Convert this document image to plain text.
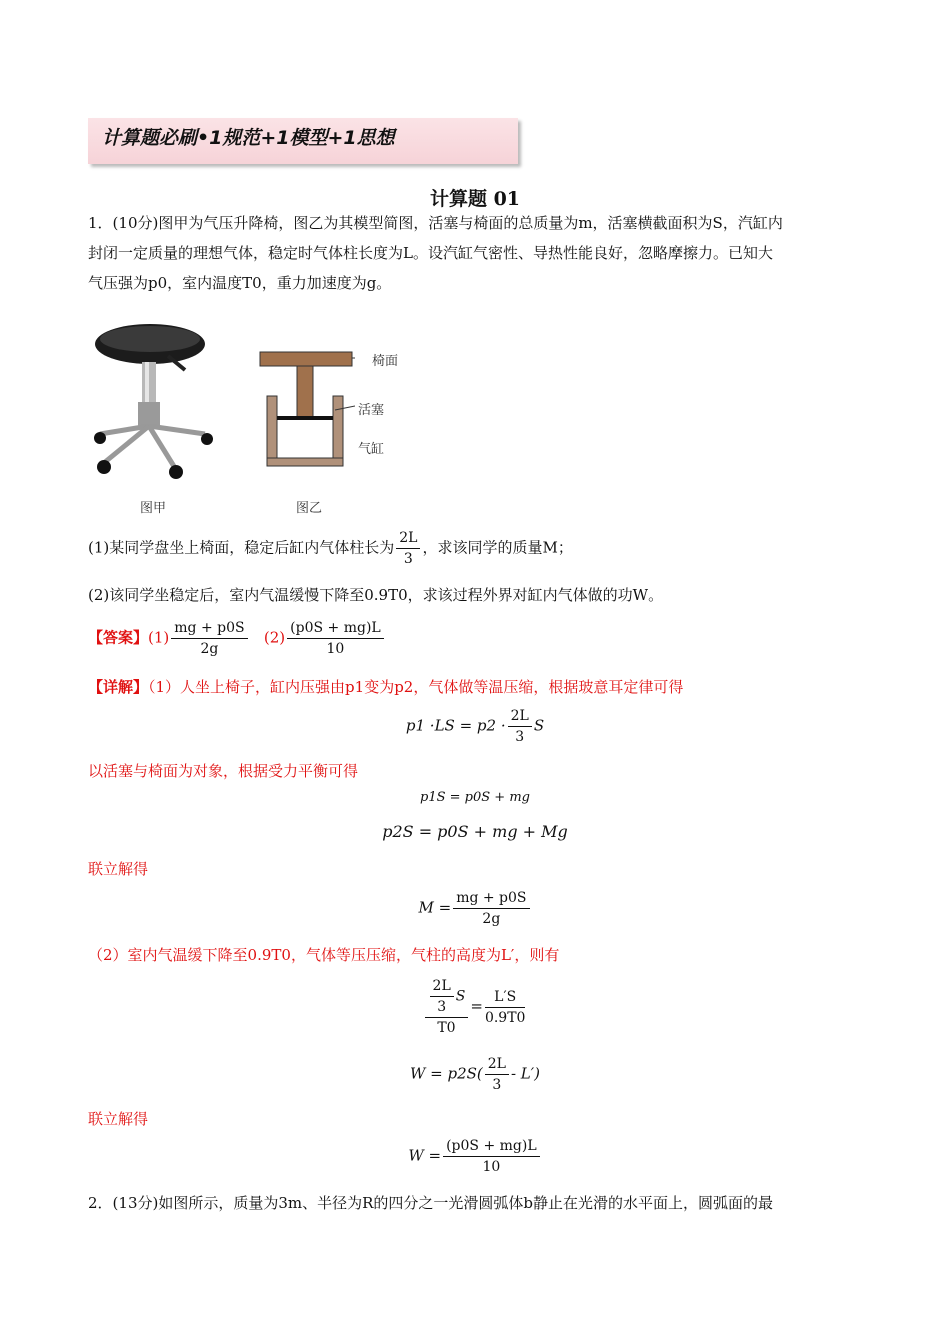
计算题必刷•1规范+1模型+1思想
计算题 01
1．(10分)图甲为气压升降椅，图乙为其模型简图，活塞与椅面的总质量为m，活塞横截面积为S，汽缸内
封闭一定质量的理想气体，稳定时气体柱长度为L。设汽缸气密性、导热性能良好，忽略摩擦力。已知大
气压强为p0，室内温度T0，重力加速度为g。
图甲
椅面
活塞
气缸
图乙
(1)某同学盘坐上椅面，稳定后缸内气体柱长为 $\frac{2L}{3}$ ，求该同学的质量M；
(2)该同学坐稳定后，室内气温缓慢下降至0.9T0，求该过程外界对缸内气体做的功W。
【答案】$(1) \frac{mg + p0S}{2g} (2) \frac{(p0S + mg)L}{10}$
【详解】（1）人坐上椅子，缸内压强由p1变为p2，气体做等温压缩，根据玻意耳定律可得
$p1 \cdot LS = p2 \cdot \frac{2L}{3}$ S
以活塞与椅面为对象，根据受力平衡可得
p1S = p0S + mg
p2S = p0S + mg + Mg
联立解得
$M = \frac{mg + p0S}{2g}$
（2）室内气温缓下降至0.9T0，气体等压压缩，气柱的高度为L′，则有
$\frac{\frac{2L}{3} S}{T0} = \frac{L'S}{0.9T0}$
$W = p2S( \frac{2L}{3} - L')$
联立解得
$W = \frac{(p0S + mg)L}{10}$
2．(13分)如图所示，质量为3m、半径为R的四分之一光滑圆弧体b静止在光滑的水平面上，圆弧面的最
